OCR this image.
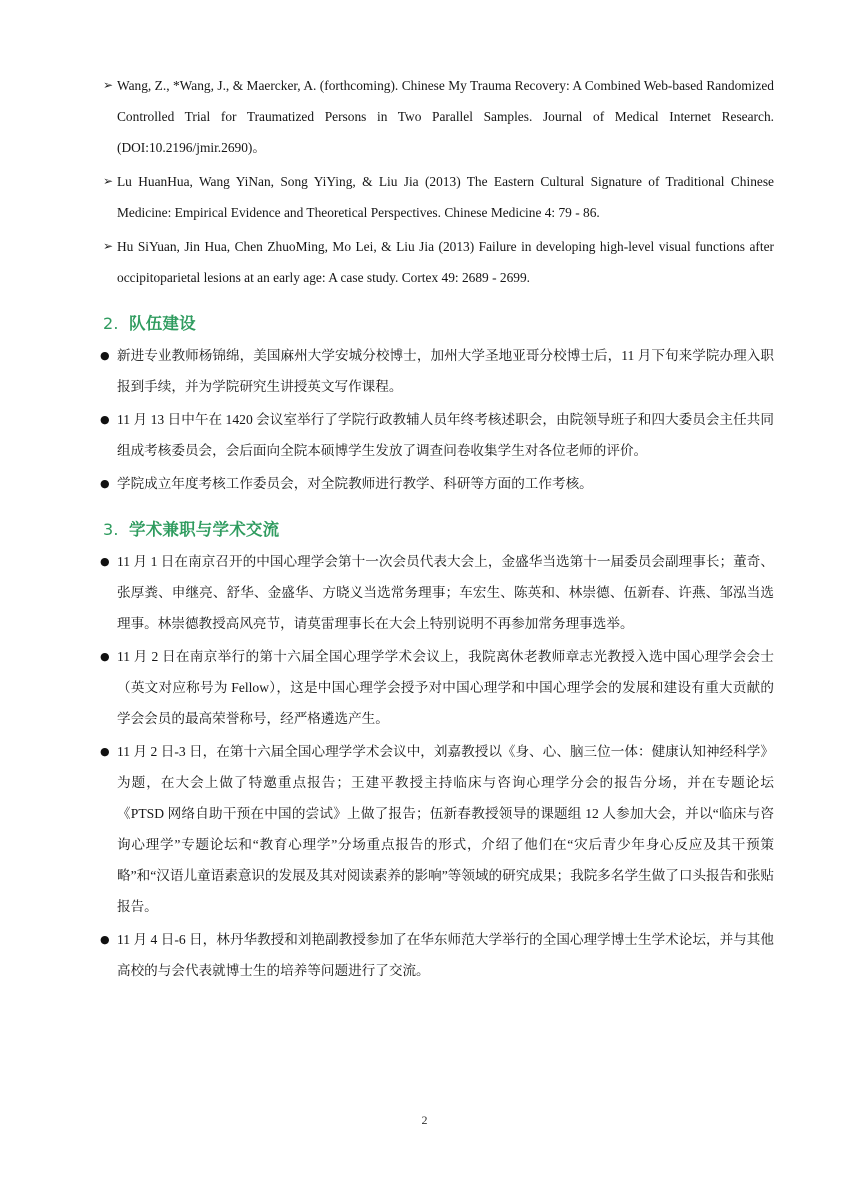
➢ Wang, Z., *Wang, J., & Maercker, A. (forthcoming). Chinese My Trauma Recovery: A Combined Web-based Randomized Controlled Trial for Traumatized Persons in Two Parallel Samples. Journal of Medical Internet Research.(DOI:10.2196/jmir.2690)。
➢ Lu HuanHua, Wang YiNan, Song YiYing, & Liu Jia (2013) The Eastern Cultural Signature of Traditional Chinese Medicine: Empirical Evidence and Theoretical Perspectives. Chinese Medicine 4: 79 - 86.
➢ Hu SiYuan, Jin Hua, Chen ZhuoMing, Mo Lei, & Liu Jia (2013) Failure in developing high-level visual functions after occipitoparietal lesions at an early age: A case study. Cortex 49: 2689 - 2699.
2. 队伍建设
● 新进专业教师杨锦绵，美国麻州大学安城分校博士，加州大学圣地亚哥分校博士后，11 月下旬来学院办理入职报到手续，并为学院研究生讲授英文写作课程。
● 11 月 13 日中午在 1420 会议室举行了学院行政教辅人员年终考核述职会，由院领导班子和四大委员会主任共同组成考核委员会，会后面向全院本硕博学生发放了调查问卷收集学生对各位老师的评价。
● 学院成立年度考核工作委员会，对全院教师进行教学、科研等方面的工作考核。
3. 学术兼职与学术交流
● 11 月 1 日在南京召开的中国心理学会第十一次会员代表大会上，金盛华当选第十一届委员会副理事长；董奇、张厚粪、申继亮、舒华、金盛华、方晓义当选常务理事；车宏生、陈英和、林崇德、伍新春、许燕、邹泓当选理事。林崇德教授高风亮节，请莫雷理事长在大会上特别说明不再参加常务理事选举。
● 11 月 2 日在南京举行的第十六届全国心理学学术会议上，我院离休老教师章志光教授入选中国心理学会会士（英文对应称号为 Fellow），这是中国心理学会授予对中国心理学和中国心理学会的发展和建设有重大贡献的学会会员的最高荣誉称号，经严格遴选产生。
● 11 月 2 日-3 日，在第十六届全国心理学学术会议中，刘嘉教授以《身、心、脑三位一体：健康认知神经科学》为题，在大会上做了特邀重点报告；王建平教授主持临床与咨询心理学分会的报告分场，并在专题论坛《PTSD 网络自助干预在中国的尝试》上做了报告；伍新春教授领导的课题组 12 人参加大会，并以“临床与咨询心理学”专题论坛和“教育心理学”分场重点报告的形式，介绍了他们在“灾后青少年身心反应及其干预策略”和“汉语儿童语素意识的发展及其对阅读素养的影响”等领域的研究成果；我院多名学生做了口头报告和张贴报告。
● 11 月 4 日-6 日，林丹华教授和刘艳副教授参加了在华东师范大学举行的全国心理学博士生学术论坛，并与其他高校的与会代表就博士生的培养等问题进行了交流。
2
